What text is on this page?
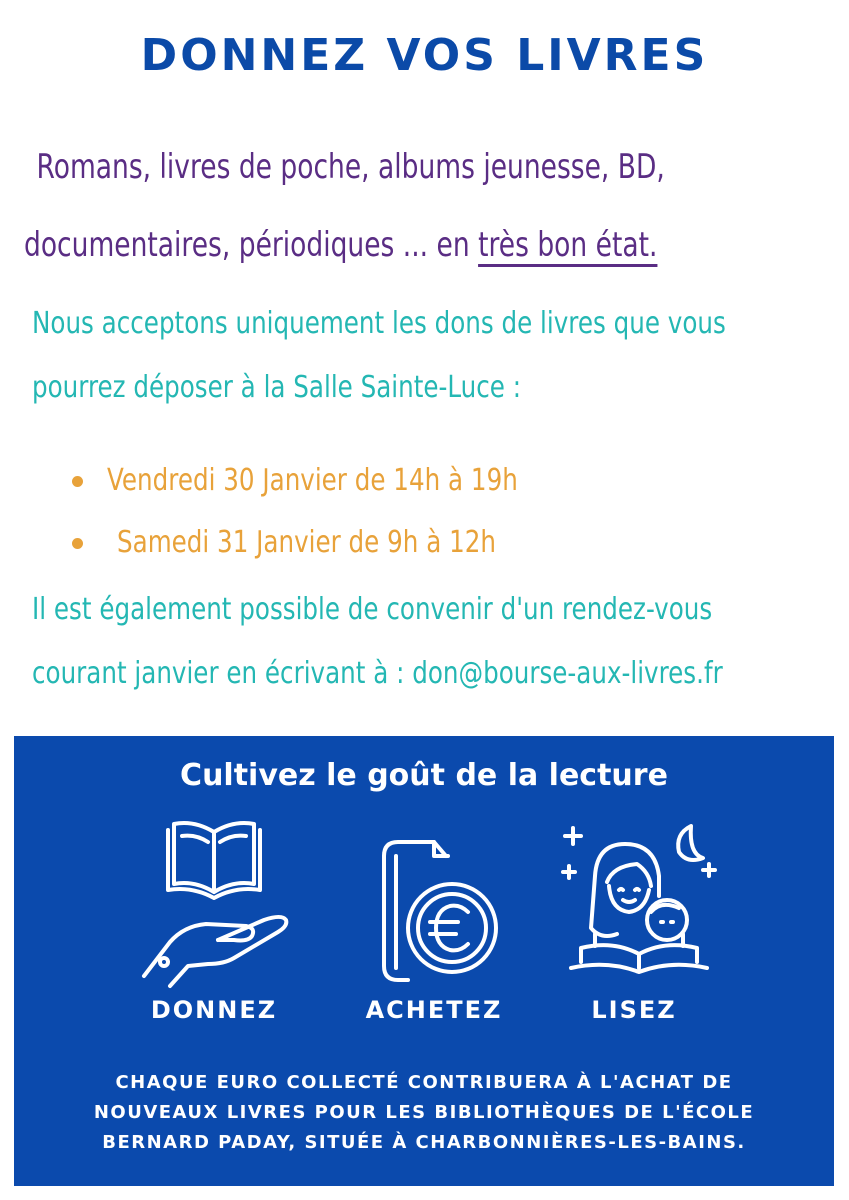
DONNEZ VOS LIVRES
Romans, livres de poche, albums jeunesse, BD,
documentaires, périodiques ... en très bon état.
Nous acceptons uniquement les dons de livres que vous
pourrez déposer à la Salle Sainte-Luce :
Vendredi 30 Janvier de 14h à 19h
Samedi 31 Janvier de 9h à 12h
Il est également possible de convenir d'un rendez-vous
courant janvier en écrivant à : don@bourse-aux-livres.fr
Cultivez le goût de la lecture
DONNEZ	ACHETEZ	LISEZ
CHAQUE EURO COLLECTÉ CONTRIBUERA À L'ACHAT DE
NOUVEAUX LIVRES POUR LES BIBLIOTHÈQUES DE L'ÉCOLE
BERNARD PADAY, SITUÉE À CHARBONNIÈRES-LES-BAINS.
